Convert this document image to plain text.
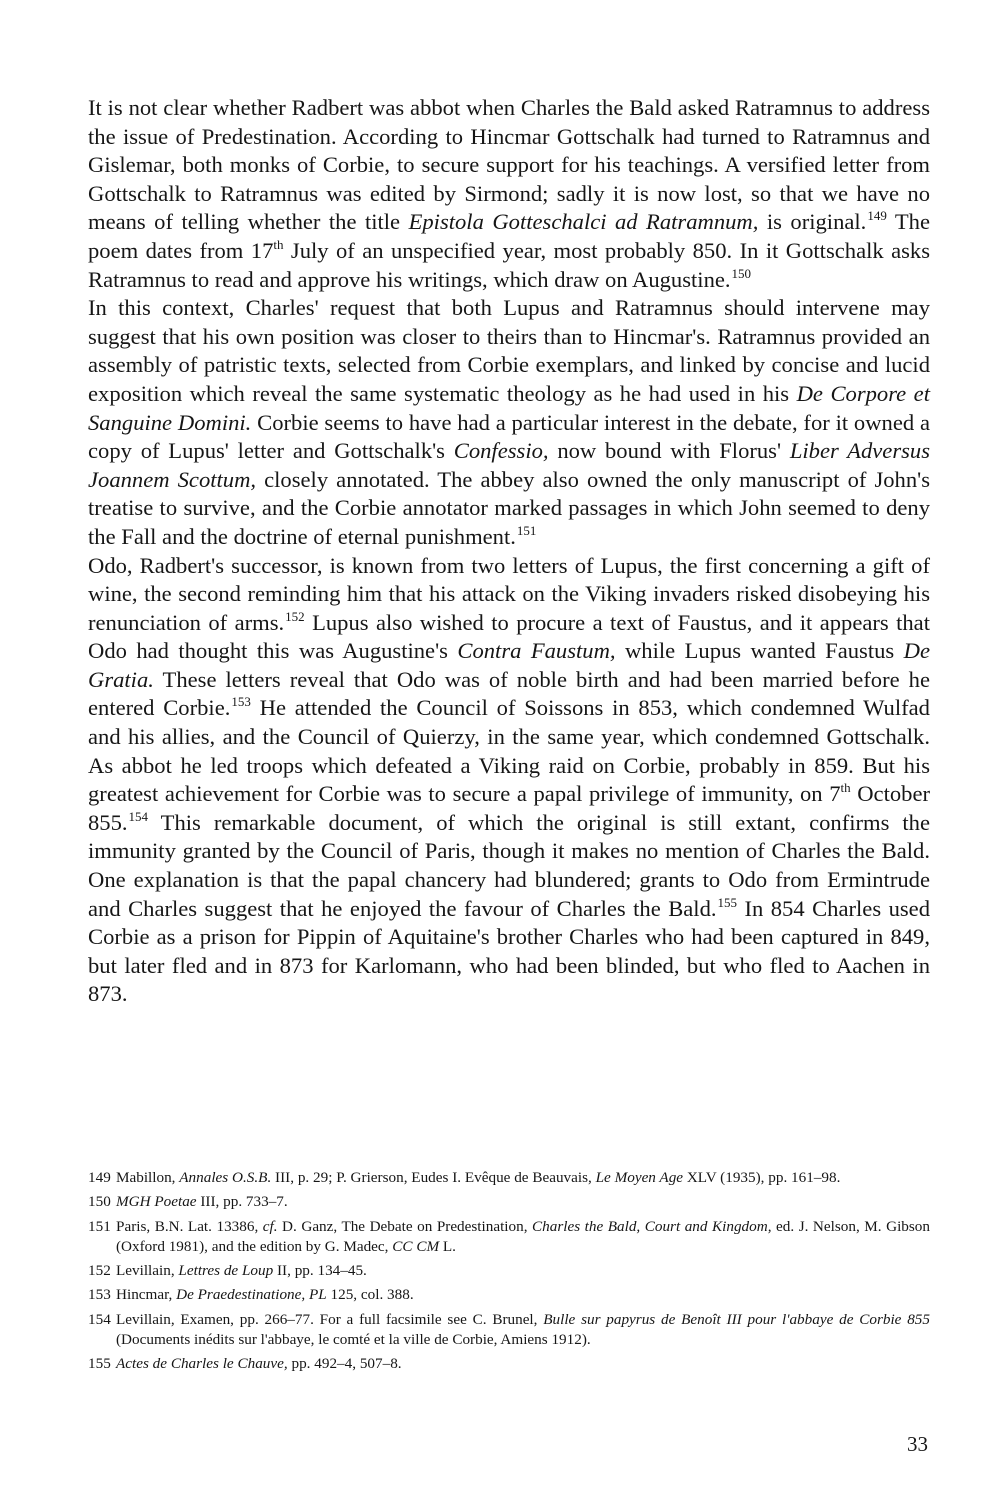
It is not clear whether Radbert was abbot when Charles the Bald asked Ratramnus to address the issue of Predestination. According to Hincmar Gottschalk had turned to Ratramnus and Gislemar, both monks of Corbie, to secure support for his teachings. A versified letter from Gottschalk to Ratramnus was edited by Sirmond; sadly it is now lost, so that we have no means of telling whether the title Epistola Gotteschalci ad Ratramnum, is original.$^{149}$ The poem dates from 17th July of an unspecified year, most probably 850. In it Gottschalk asks Ratramnus to read and approve his writings, which draw on Augustine.$^{150}$

In this context, Charles' request that both Lupus and Ratramnus should intervene may suggest that his own position was closer to theirs than to Hincmar's. Ratramnus provided an assembly of patristic texts, selected from Corbie exemplars, and linked by concise and lucid exposition which reveal the same systematic theology as he had used in his De Corpore et Sanguine Domini. Corbie seems to have had a particular interest in the debate, for it owned a copy of Lupus' letter and Gottschalk's Confessio, now bound with Florus' Liber Adversus Joannem Scottum, closely annotated. The abbey also owned the only manuscript of John's treatise to survive, and the Corbie annotator marked passages in which John seemed to deny the Fall and the doctrine of eternal punishment.$^{151}$

Odo, Radbert's successor, is known from two letters of Lupus, the first concerning a gift of wine, the second reminding him that his attack on the Viking invaders risked disobeying his renunciation of arms.$^{152}$ Lupus also wished to procure a text of Faustus, and it appears that Odo had thought this was Augustine's Contra Faustum, while Lupus wanted Faustus De Gratia. These letters reveal that Odo was of noble birth and had been married before he entered Corbie.$^{153}$ He attended the Council of Soissons in 853, which condemned Wulfad and his allies, and the Council of Quierzy, in the same year, which condemned Gottschalk. As abbot he led troops which defeated a Viking raid on Corbie, probably in 859. But his greatest achievement for Corbie was to secure a papal privilege of immunity, on 7th October 855.$^{154}$ This remarkable document, of which the original is still extant, confirms the immunity granted by the Council of Paris, though it makes no mention of Charles the Bald. One explanation is that the papal chancery had blundered; grants to Odo from Ermintrude and Charles suggest that he enjoyed the favour of Charles the Bald.$^{155}$ In 854 Charles used Corbie as a prison for Pippin of Aquitaine's brother Charles who had been captured in 849, but later fled and in 873 for Karlomann, who had been blinded, but who fled to Aachen in 873.

149 Mabillon, Annales O.S.B. III, p. 29; P. Grierson, Eudes I. Evêque de Beauvais, Le Moyen Age XLV (1935), pp. 161–98.
150 MGH Poetae III, pp. 733–7.
151 Paris, B.N. Lat. 13386, cf. D. Ganz, The Debate on Predestination, Charles the Bald, Court and Kingdom, ed. J. Nelson, M. Gibson (Oxford 1981), and the edition by G. Madec, CC CM L.
152 Levillain, Lettres de Loup II, pp. 134–45.
153 Hincmar, De Praedestinatione, PL 125, col. 388.
154 Levillain, Examen, pp. 266–77. For a full facsimile see C. Brunel, Bulle sur papyrus de Benoît III pour l'abbaye de Corbie 855 (Documents inédits sur l'abbaye, le comté et la ville de Corbie, Amiens 1912).
155 Actes de Charles le Chauve, pp. 492–4, 507–8.
33
